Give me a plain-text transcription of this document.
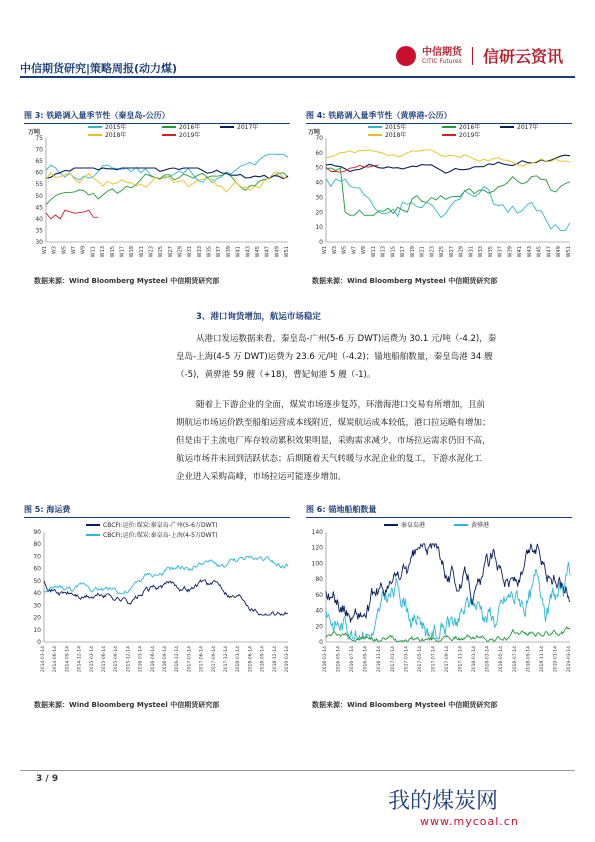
中信期货研究|策略周报(动力煤)
中信期货
CITIC Futures 信研云资讯
图 3: 铁路调入量季节性（秦皇岛-公历）
75
70
65
60
55
50
45
40
35
30
万吨
W1 W3 W5 W7 W9 W11 W13 W15 W17 W19 W21 W23 W25 W27 W29 W31 W33 W35 W37 W39 W41 W43 W45 W47 W49 W51
2015年	2016年	2017年
2018年	2019年
数据来源：Wind Bloomberg Mysteel 中信期货研究部
图 4: 铁路调入量季节性（黄骅港-公历）
70
60
50
40
30
20
10
0
万吨
W1 W3 W5 W7 W9 W11 W13 W15 W17 W19 W21 W23 W25 W27 W29 W31 W33 W35 W37 W39 W41 W43 W45 W47 W49 W51
2015年	2016年	2017年
2018年	2019年
数据来源：Wind Bloomberg Mysteel 中信期货研究部
3、港口询货增加，航运市场稳定
从港口发运数据来看，秦皇岛-广州(5-6 万 DWT)运费为 30.1 元/吨（-4.2)，秦
皇岛-上海(4-5 万 DWT)运费为 23.6 元/吨（-4.2)；锚地船舶数量，秦皇岛港 34 艘
（-5)，黄骅港 59 艘（+18)，曹妃甸港 5 艘（-1)。
随着上下游企业的全面，煤炭市场逐步复苏，环渤海港口交易有所增加，且前
期航运市场运价跌至船舶运营成本线附近，煤炭航运成本较低，港口拉运略有增加；
但是由于主流电厂库存较动累积效果明显，采购需求减少，市场拉运需求仍旧不高，
航运市场并未回到活跃状态；后期随着天气转暖与水泥企业的复工，下游水泥化工
企业进入采购高峰，市场拉运可能逐步增加。
图 5: 海运费
90
80
70
60
50
40
30
20
10
0
2014-03-14 2014-06-14 2014-09-14 2014-12-14 2015-03-14 2015-06-14 2015-09-14 2015-12-14 2016-03-14 2016-06-14 2016-09-14 2016-12-14 2017-03-14 2017-06-14 2017-09-14 2017-12-14 2018-03-14 2018-06-14 2018-09-14 2018-12-14 2019-03-14
CBCFI:运价:煤炭:秦皇岛-广州(5-6万DWT)
CBCFI:运价:煤炭:秦皇岛-上海(4-5万DWT)
数据来源：Wind Bloomberg Mysteel 中信期货研究部
图 6: 锚地船舶数量
140
120
100
80
60
40
20
0
2016-03-14 2016-05-14 2016-07-14 2016-09-14 2016-11-14 2017-01-14 2017-03-14 2017-05-14 2017-07-14 2017-09-14 2017-11-14 2018-01-14 2018-03-14 2018-05-14 2018-07-14 2018-09-14 2018-11-14 2019-01-14 2019-03-14
秦皇岛港	黄骅港
数据来源：Wind Bloomberg Mysteel 中信期货研究部
3 / 9
我的煤炭网
www.mycoal.cn
